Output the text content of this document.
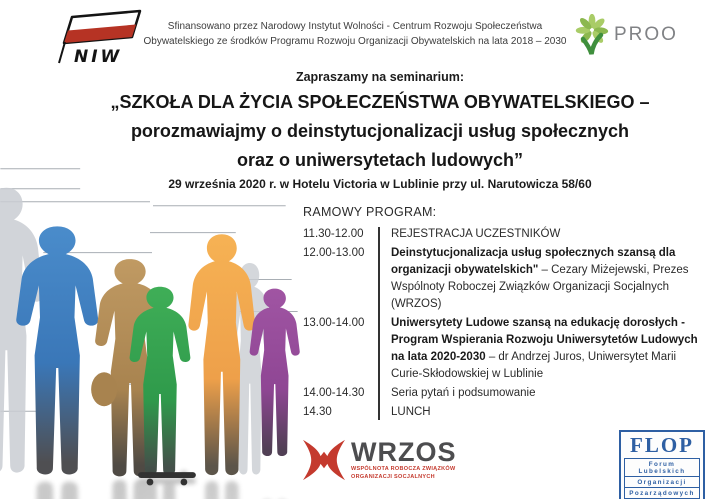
NIW
Sfinansowano przez Narodowy Instytut Wolności - Centrum Rozwoju Społeczeństwa
Obywatelskiego ze środków Programu Rozwoju Organizacji Obywatelskich na lata 2018 – 2030	PROO
Zapraszamy na seminarium:
„SZKOŁA DLA ŻYCIA SPOŁECZEŃSTWA OBYWATELSKIEGO –
porozmawiajmy o deinstytucjonalizacji usług społecznych
oraz o uniwersytetach ludowych”
29 września 2020 r. w Hotelu Victoria w Lublinie przy ul. Narutowicza 58/60
RAMOWY PROGRAM:
11.30-12.00	REJESTRACJA UCZESTNIKÓW
12.00-13.00	Deinstytucjonalizacja usług społecznych szansą dla organizacji obywatelskich" – Cezary Miżejewski, Prezes Wspólnoty Roboczej Związków Organizacji Socjalnych (WRZOS)
13.00-14.00	Uniwersytety Ludowe szansą na edukację dorosłych - Program Wspierania Rozwoju Uniwersytetów Ludowych na lata 2020-2030 – dr Andrzej Juros, Uniwersytet Marii Curie-Skłodowskiej w Lublinie
14.00-14.30	Seria pytań i podsumowanie
14.30	LUNCH
WRZOS
WSPÓLNOTA ROBOCZA ZWIĄZKÓW
ORGANIZACJI SOCJALNYCH
FLOP
Forum Lubelskich
Organizacji
Pozarządowych
